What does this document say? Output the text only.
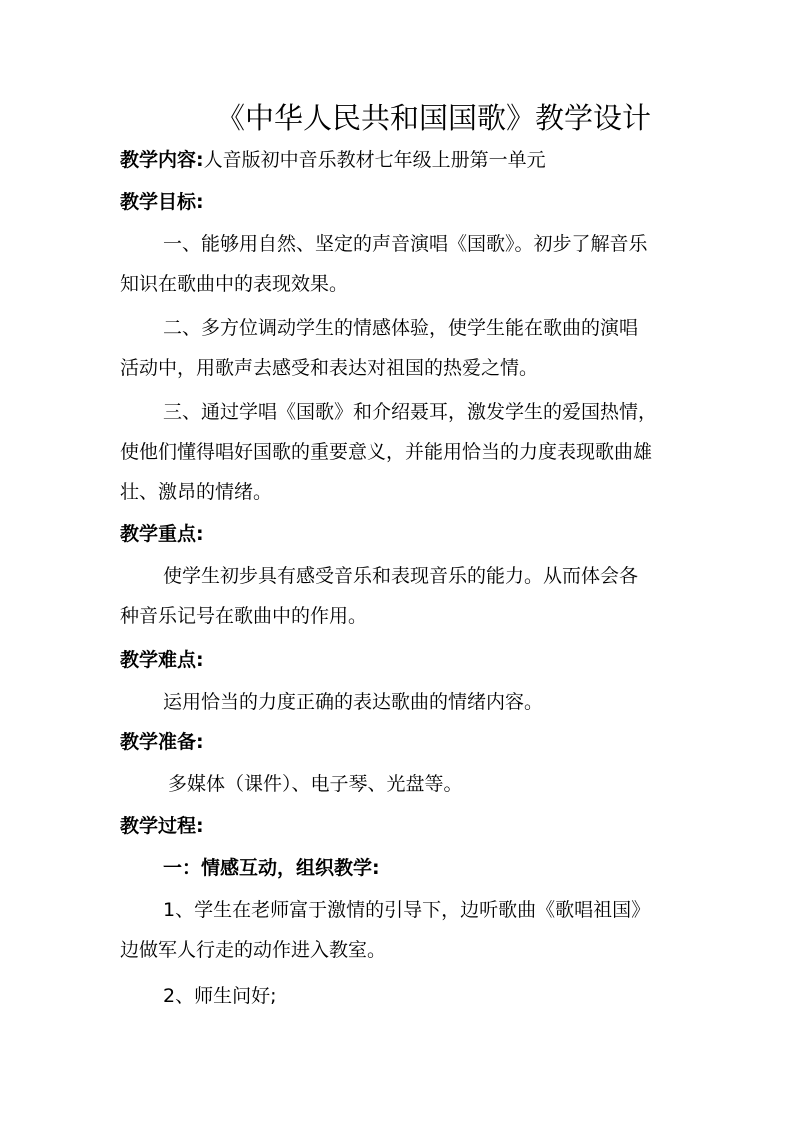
《中华人民共和国国歌》教学设计
教学内容:人音版初中音乐教材七年级上册第一单元
教学目标:
一、能够用自然、坚定的声音演唱《国歌》。初步了解音乐
知识在歌曲中的表现效果。
二、多方位调动学生的情感体验，使学生能在歌曲的演唱
活动中，用歌声去感受和表达对祖国的热爱之情。
三、通过学唱《国歌》和介绍聂耳，激发学生的爱国热情，
使他们懂得唱好国歌的重要意义，并能用恰当的力度表现歌曲雄
壮、激昂的情绪。
教学重点:
使学生初步具有感受音乐和表现音乐的能力。从而体会各
种音乐记号在歌曲中的作用。
教学难点:
运用恰当的力度正确的表达歌曲的情绪内容。
教学准备:
多媒体（课件）、电子琴、光盘等。
教学过程:
一：情感互动，组织教学:
1、学生在老师富于激情的引导下，边听歌曲《歌唱祖国》
边做军人行走的动作进入教室。
2、师生问好;
